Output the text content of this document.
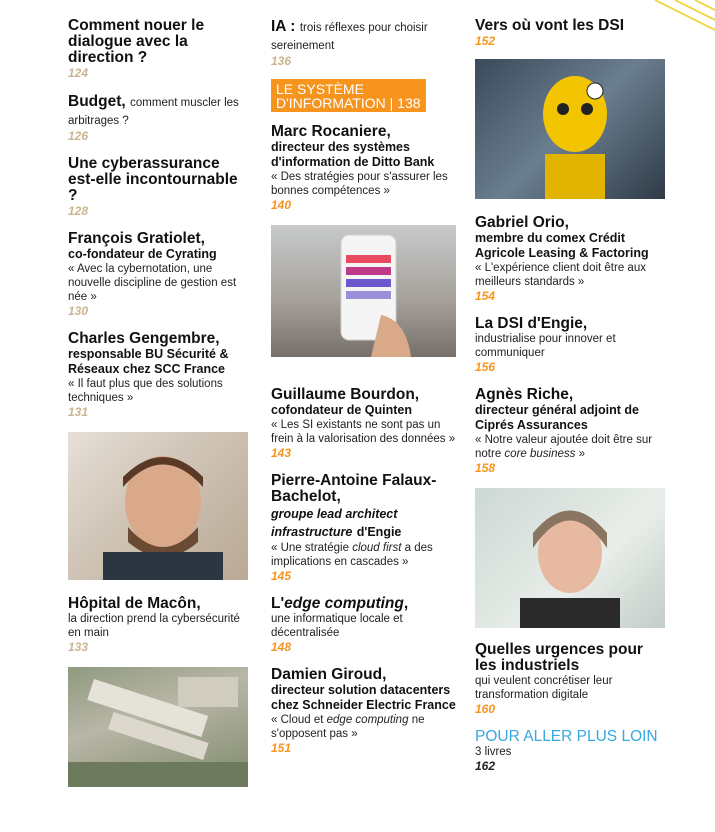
Comment nouer le dialogue avec la direction ?
124
Budget, comment muscler les arbitrages ?
126
Une cyberassurance est-elle incontournable ?
128
François Gratiolet,
co-fondateur de Cyrating
« Avec la cybernotation, une nouvelle discipline de gestion est née »
130
Charles Gengembre,
responsable BU Sécurité & Réseaux chez SCC France
« Il faut plus que des solutions techniques »
131
Hôpital de Macôn,
la direction prend la cybersécurité en main
133
IA : trois réflexes pour choisir sereinement
136
LE SYSTÈME
D'INFORMATION | 138
Marc Rocaniere,
directeur des systèmes d'information de Ditto Bank
« Des stratégies pour s'assurer les bonnes compétences »
140
Guillaume Bourdon,
cofondateur de Quinten
« Les SI existants ne sont pas un frein à la valorisation des données »
143
Pierre-Antoine Falaux-Bachelot,
groupe lead architect infrastructure d'Engie
« Une stratégie cloud first a des implications en cascades »
145
L'edge computing,
une informatique locale et décentralisée
148
Damien Giroud,
directeur solution datacenters chez Schneider Electric France
« Cloud et edge computing ne s'opposent pas »
151
Vers où vont les DSI
152
Gabriel Orio,
membre du comex Crédit Agricole Leasing & Factoring
« L'expérience client doit être aux meilleurs standards »
154
La DSI d'Engie,
industrialise pour innover et communiquer
156
Agnès Riche,
directeur général adjoint de Ciprés Assurances
« Notre valeur ajoutée doit être sur notre core business »
158
Quelles urgences pour les industriels
qui veulent concrétiser leur transformation digitale
160
POUR ALLER PLUS LOIN
3 livres
162
